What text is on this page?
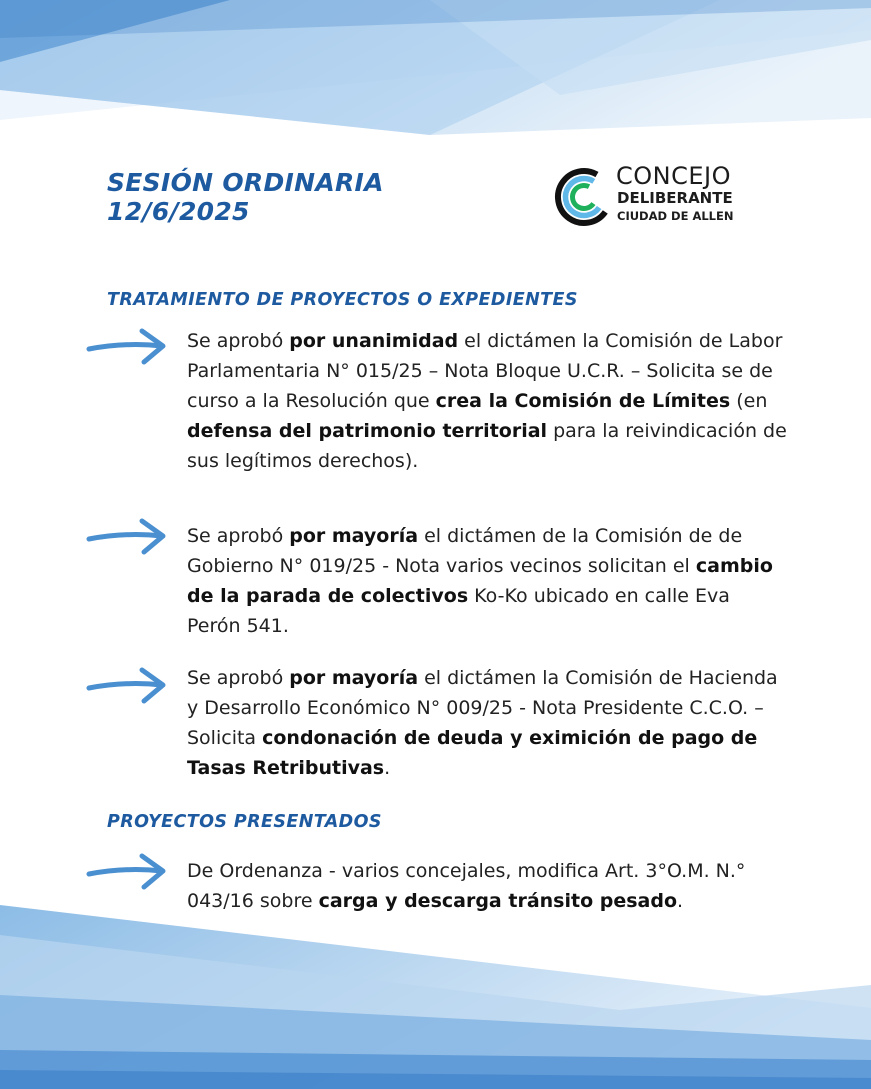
SESIÓN ORDINARIA
12/6/2025
CONCEJO
DELIBERANTE
CIUDAD DE ALLEN
TRATAMIENTO DE PROYECTOS O EXPEDIENTES

Se aprobó por unanimidad el dictámen la Comisión de Labor Parlamentaria N° 015/25 – Nota Bloque U.C.R. – Solicita se de curso a la Resolución que crea la Comisión de Límites (en defensa del patrimonio territorial para la reivindicación de sus legítimos derechos).

Se aprobó por mayoría el dictámen de la Comisión de de Gobierno N° 019/25 - Nota varios vecinos solicitan el cambio de la parada de colectivos Ko-Ko ubicado en calle Eva Perón 541.

Se aprobó por mayoría el dictámen la Comisión de Hacienda y Desarrollo Económico N° 009/25 - Nota Presidente C.C.O. – Solicita condonación de deuda y eximición de pago de Tasas Retributivas.

PROYECTOS PRESENTADOS

De Ordenanza - varios concejales, modifica Art. 3°O.M. N.° 043/16 sobre carga y descarga tránsito pesado.
